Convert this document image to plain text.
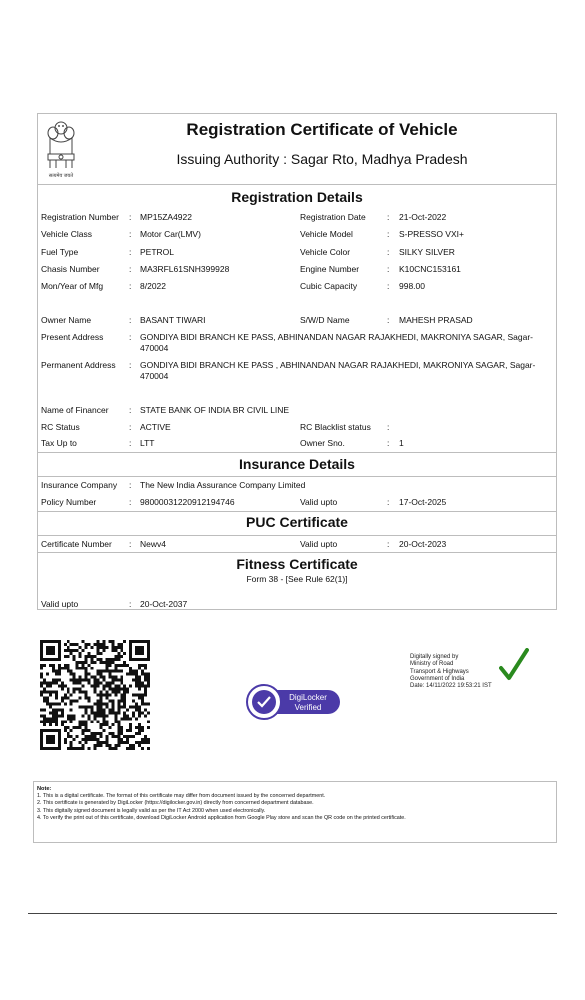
सत्यमेव जयते
Registration Certificate of Vehicle
Issuing Authority : Sagar Rto, Madhya Pradesh
Registration Details
Registration Number : MP15ZA4922	Registration Date	: 21-Oct-2022
Vehicle Class	: Motor Car(LMV)	Vehicle Model	: S-PRESSO VXI+
Fuel Type	: PETROL	Vehicle Color	: SILKY SILVER
Chasis Number	: MA3RFL61SNH399928	Engine Number	: K10CNC153161
Mon/Year of Mfg	: 8/2022	Cubic Capacity	: 998.00
Owner Name	: BASANT TIWARI	S/W/D Name	: MAHESH PRASAD
Present Address	: GONDIYA BIDI BRANCH KE PASS, ABHINANDAN NAGAR RAJAKHEDI, MAKRONIYA SAGAR, Sagar-470004
Permanent Address : GONDIYA BIDI BRANCH KE PASS , ABHINANDAN NAGAR RAJAKHEDI, MAKRONIYA SAGAR, Sagar-470004
Name of Financer : STATE BANK OF INDIA BR CIVIL LINE
RC Status	: ACTIVE	RC Blacklist status :
Tax Up to	: LTT	Owner Sno.	: 1
Insurance Details
Insurance Company : The New India Assurance Company Limited
Policy Number	: 98000031220912194746	Valid upto	: 17-Oct-2025
PUC Certificate
Certificate Number : Newv4	Valid upto	: 20-Oct-2023
Fitness Certificate
Form 38 - [See Rule 62(1)]
Valid upto	: 20-Oct-2037
DigiLocker
Verified
Digitally signed by
Ministry of Road
Transport & Highways
Government of India
Date: 14/11/2022 19:53:21 IST
Note:
1. This is a digital certificate. The format of this certificate may differ from document issued by the concerned department.
2. This certificate is generated by DigiLocker (https://digilocker.gov.in) directly from concerned department database.
3. This digitally signed document is legally valid as per the IT Act 2000 when used electronically.
4. To verify the print out of this certificate, download DigiLocker Android application from Google Play store and scan the QR code on the printed certificate.
